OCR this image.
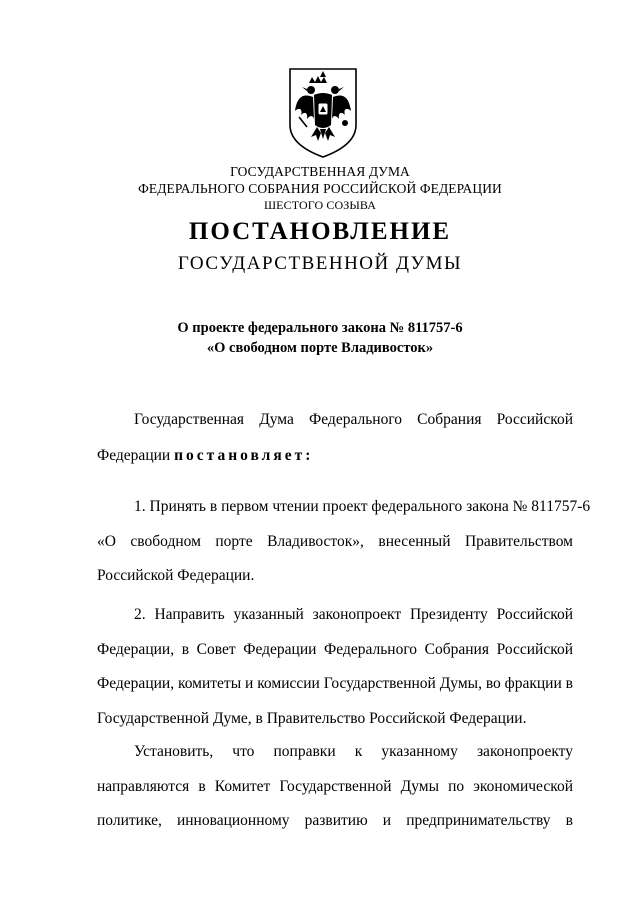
ГОСУДАРСТВЕННАЯ ДУМА
ФЕДЕРАЛЬНОГО СОБРАНИЯ РОССИЙСКОЙ ФЕДЕРАЦИИ
ШЕСТОГО СОЗЫВА
ПОСТАНОВЛЕНИЕ
ГОСУДАРСТВЕННОЙ ДУМЫ
О проекте федерального закона № 811757-6
«О свободном порте Владивосток»
Государственная Дума Федерального Собрания Российской
Федерации постановляет:
1. Принять в первом чтении проект федерального закона № 811757-6
«О свободном порте Владивосток», внесенный Правительством
Российской Федерации.
2. Направить указанный законопроект Президенту Российской
Федерации, в Совет Федерации Федерального Собрания Российской
Федерации, комитеты и комиссии Государственной Думы, во фракции в
Государственной Думе, в Правительство Российской Федерации.
Установить, что поправки к указанному законопроекту
направляются в Комитет Государственной Думы по экономической
политике, инновационному развитию и предпринимательству в
